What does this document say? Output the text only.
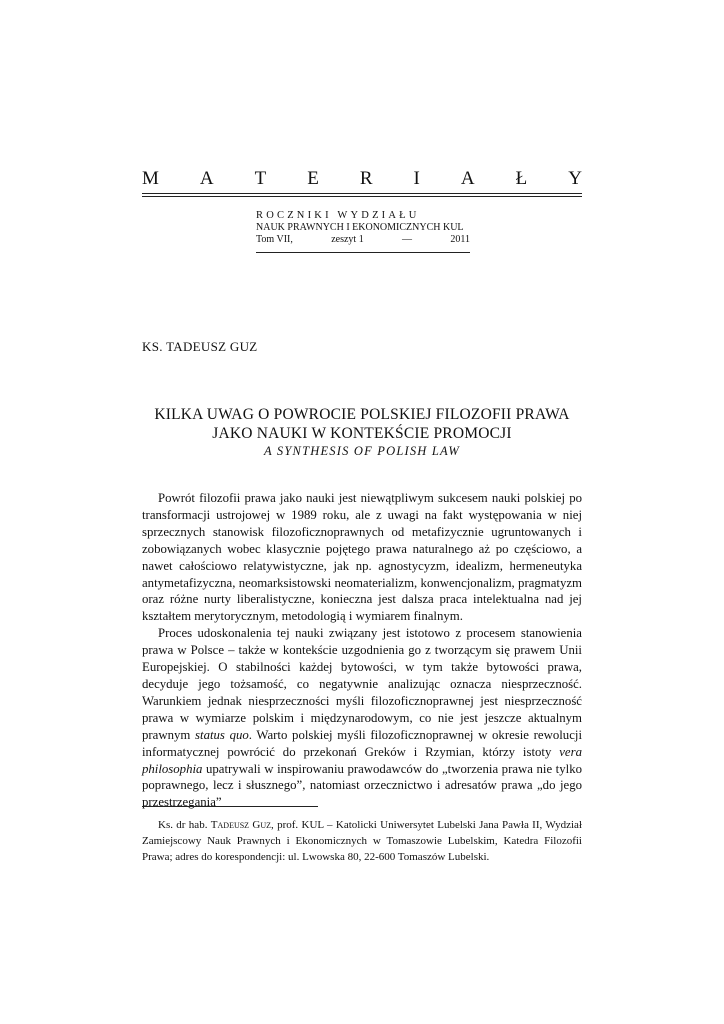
M A T E R I A Ł Y
ROCZNIKI WYDZIAŁU
NAUK PRAWNYCH I EKONOMICZNYCH KUL
Tom VII,	zeszyt 1	—	2011
KS. TADEUSZ GUZ
KILKA UWAG O POWROCIE POLSKIEJ FILOZOFII PRAWA
JAKO NAUKI W KONTEKŚCIE PROMOCJI
A SYNTHESIS OF POLISH LAW

Powrót filozofii prawa jako nauki jest niewątpliwym sukcesem nauki polskiej po transformacji ustrojowej w 1989 roku, ale z uwagi na fakt występowania w niej sprzecznych stanowisk filozoficznoprawnych od metafizycznie ugruntowanych i zobowiązanych wobec klasycznie pojętego prawa naturalnego aż po częściowo, a nawet całościowo relatywistyczne, jak np. agnostycyzm, idealizm, hermeneutyka antymetafizyczna, neomarksistowski neomaterializm, konwencjonalizm, pragmatyzm oraz różne nurty liberalistyczne, konieczna jest dalsza praca intelektualna nad jej kształtem merytorycznym, metodologią i wymiarem finalnym.

Proces udoskonalenia tej nauki związany jest istotowo z procesem stanowienia prawa w Polsce – także w kontekście uzgodnienia go z tworzącym się prawem Unii Europejskiej. O stabilności każdej bytowości, w tym także bytowości prawa, decyduje jego tożsamość, co negatywnie analizując oznacza niesprzeczność. Warunkiem jednak niesprzeczności myśli filozoficznoprawnej jest niesprzeczność prawa w wymiarze polskim i międzynarodowym, co nie jest jeszcze aktualnym prawnym status quo. Warto polskiej myśli filozoficznoprawnej w okresie rewolucji informatycznej powrócić do przekonań Greków i Rzymian, którzy istoty vera philosophia upatrywali w inspirowaniu prawodawców do „tworzenia prawa nie tylko poprawnego, lecz i słusznego”, natomiast orzecznictwo i adresatów prawa „do jego przestrzegania”

Ks. dr hab. Tadeusz Guz, prof. KUL – Katolicki Uniwersytet Lubelski Jana Pawła II, Wydział Zamiejscowy Nauk Prawnych i Ekonomicznych w Tomaszowie Lubelskim, Katedra Filozofii Prawa; adres do korespondencji: ul. Lwowska 80, 22-600 Tomaszów Lubelski.
